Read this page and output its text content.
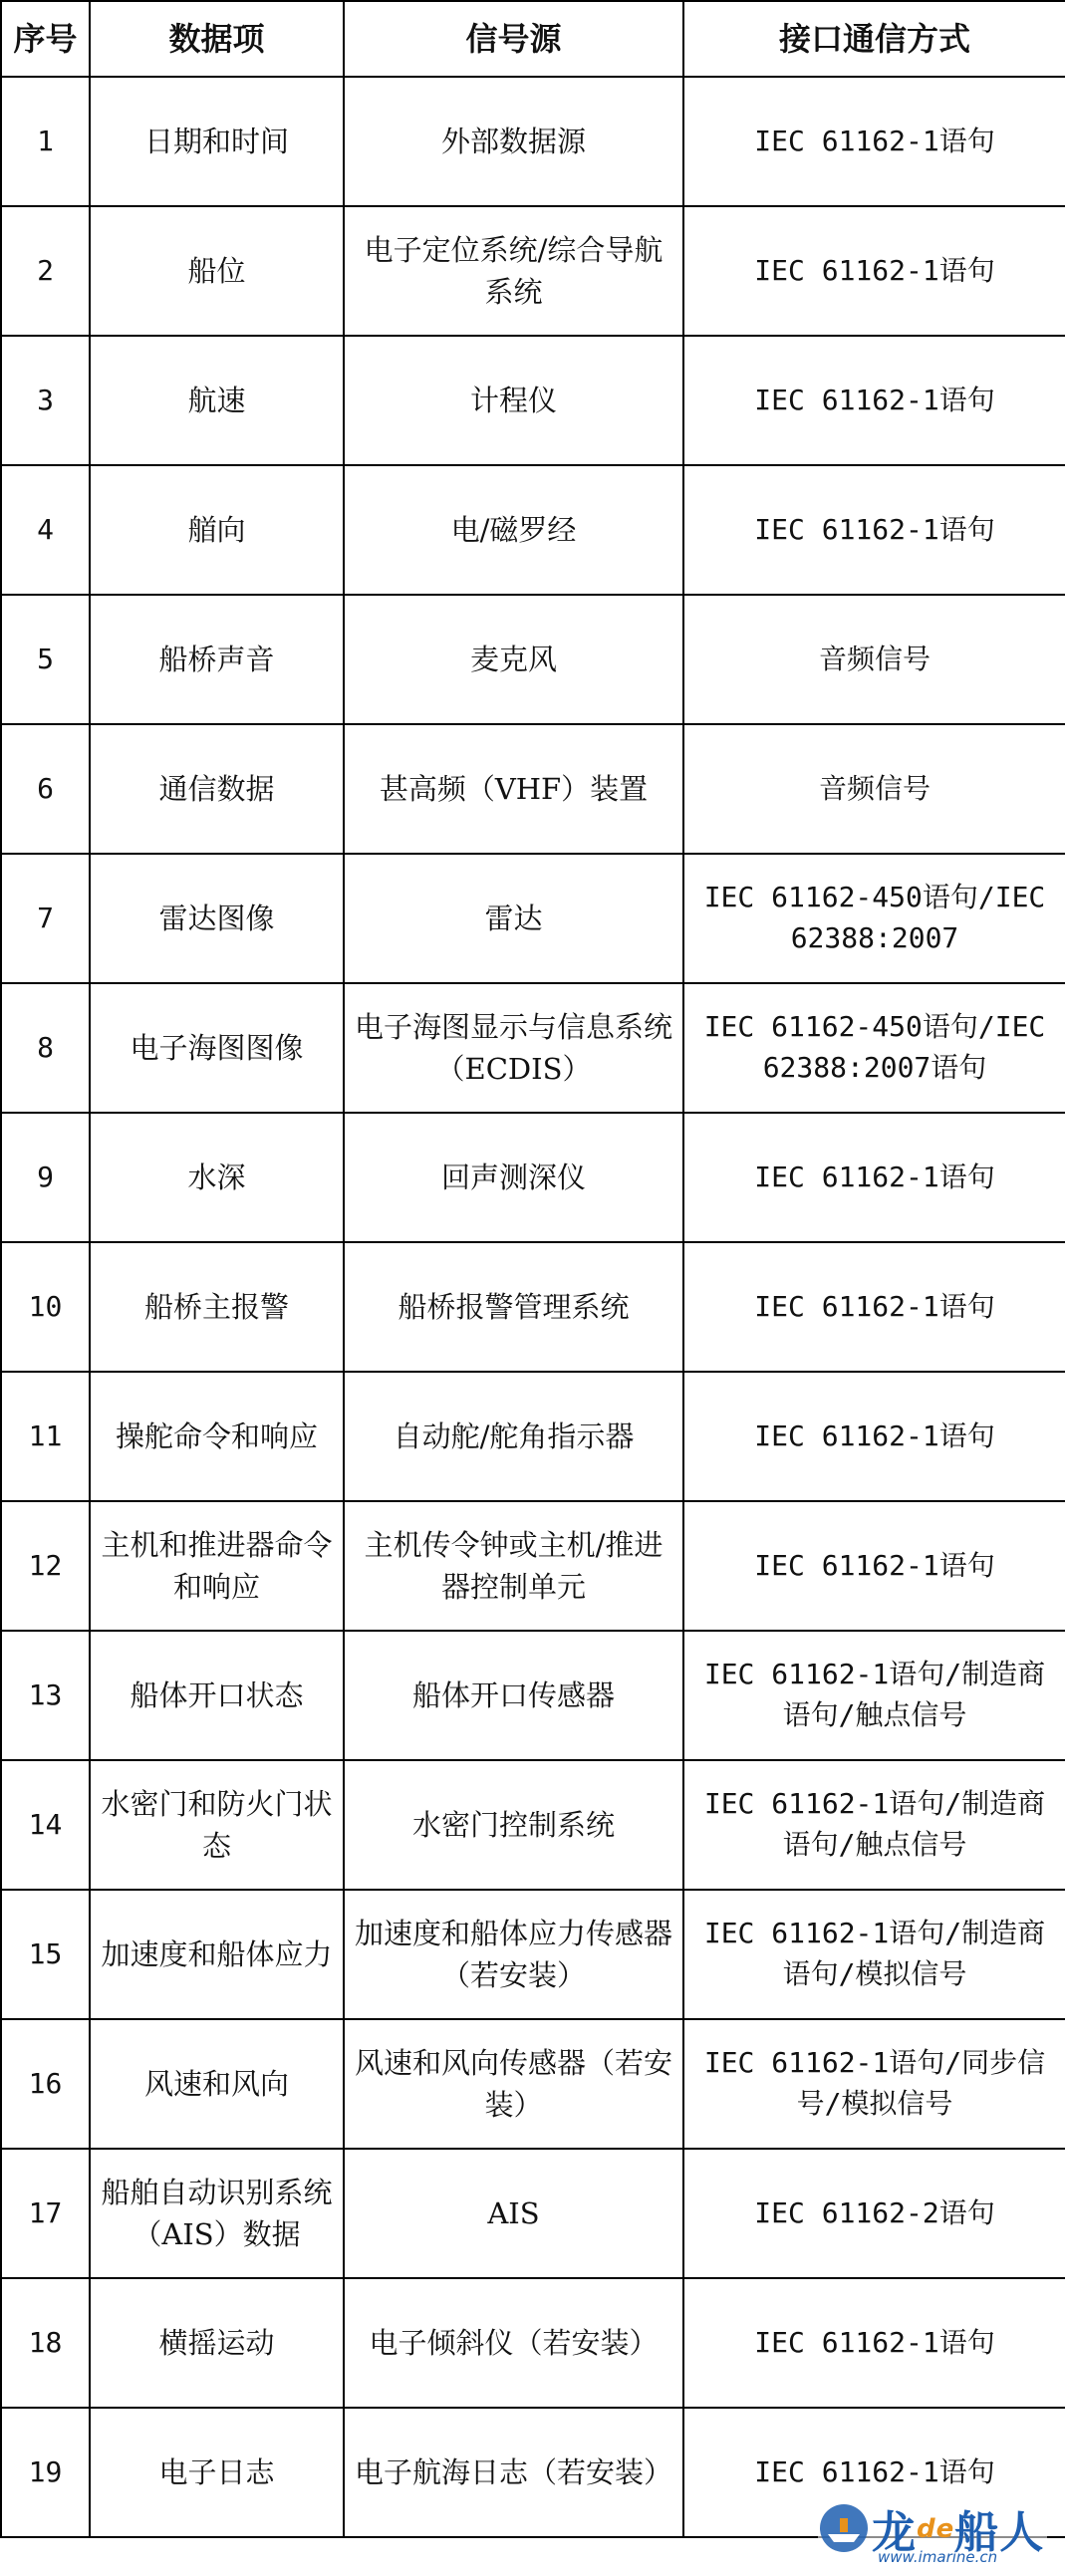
序号	数据项	信号源	接口通信方式
1	日期和时间	外部数据源	IEC 61162-1语句
2	船位	电子定位系统/综合导航系统	IEC 61162-1语句
3	航速	计程仪	IEC 61162-1语句
4	艏向	电/磁罗经	IEC 61162-1语句
5	船桥声音	麦克风	音频信号
6	通信数据	甚高频（VHF）装置	音频信号
7	雷达图像	雷达	IEC 61162-450语句/IEC 62388:2007
8	电子海图图像	电子海图显示与信息系统（ECDIS）	IEC 61162-450语句/IEC 62388:2007语句
9	水深	回声测深仪	IEC 61162-1语句
10	船桥主报警	船桥报警管理系统	IEC 61162-1语句
11	操舵命令和响应	自动舵/舵角指示器	IEC 61162-1语句
12	主机和推进器命令和响应	主机传令钟或主机/推进器控制单元	IEC 61162-1语句
13	船体开口状态	船体开口传感器	IEC 61162-1语句/制造商语句/触点信号
14	水密门和防火门状态	水密门控制系统	IEC 61162-1语句/制造商语句/触点信号
15	加速度和船体应力	加速度和船体应力传感器（若安装）	IEC 61162-1语句/制造商语句/模拟信号
16	风速和风向	风速和风向传感器（若安装）	IEC 61162-1语句/同步信号/模拟信号
17	船舶自动识别系统（AIS）数据	AIS	IEC 61162-2语句
18	横摇运动	电子倾斜仪（若安装）	IEC 61162-1语句
19	电子日志	电子航海日志（若安装）	IEC 61162-1语句
龙$^{de}$船人
www.imarine.cn
